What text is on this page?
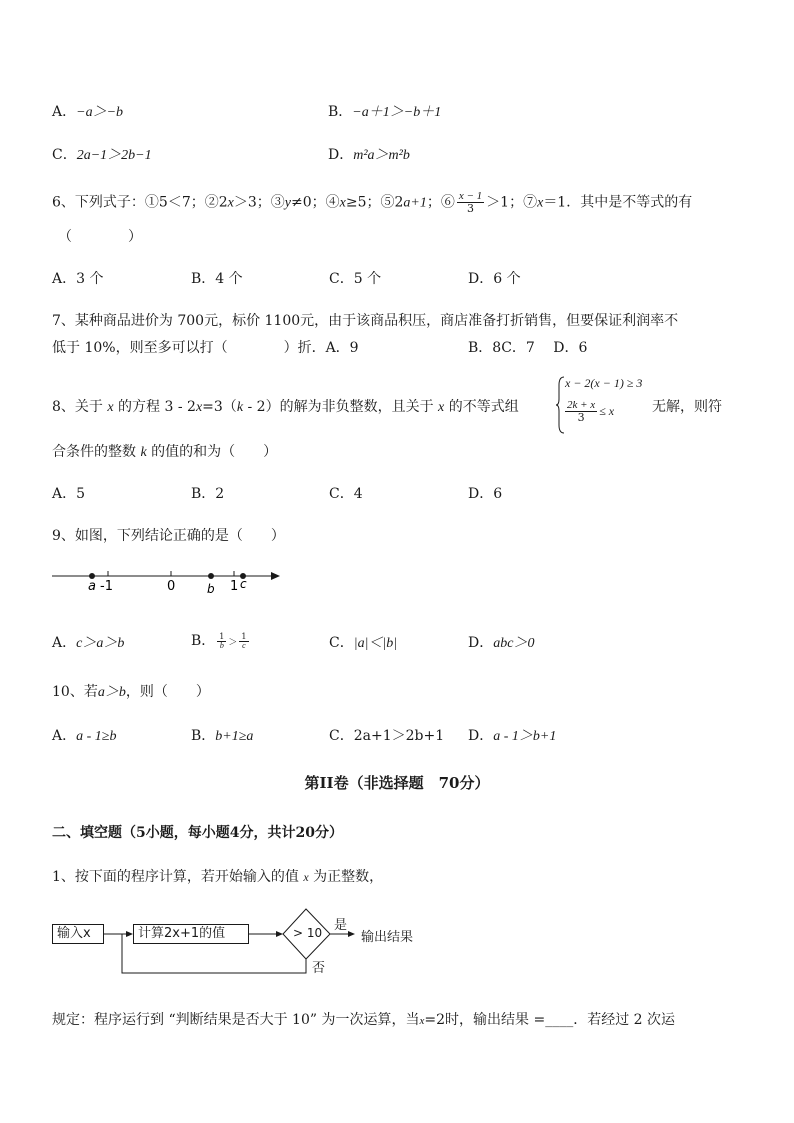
A．−a＞−b	B．−a＋1＞−b＋1
C．2a−1＞2b−1	D．m²a＞m²b
6、下列式子：①5＜7；②2x＞3；③y≠0；④x≥5；⑤2a+1；⑥ $\frac{x - 1}{3} >1$；⑦x＝1．其中是不等式的有
（　　　　）
A．3 个	B．4 个	C．5 个	D．6 个
7、某种商品进价为 700元，标价 1100元，由于该商品积压，商店准备打折销售，但要保证利润率不
低于 10%，则至多可以打（　　　　）折．A．9	B．8C．7　 D．6
8、关于 x 的方程 3 - 2x=3（k - 2）的解为非负整数，且关于 x 的不等式组
x − 2(x − 1) ≥ 3
$\frac{2k + x}{3} \le x$	无解，则符
合条件的整数 k 的值的和为（　　）
A．5	B．2	C．4	D．6
9、如图，下列结论正确的是（　　）
a -1	0	b 1 c
A．c＞a＞b	B． $\frac{1}{b} > \frac{1}{c}$	C．|a|＜|b|	D．abc＞0
10、若a＞b，则（　　）
A．a - 1≥b	B．b+1≥a	C．2a+1＞2b+1 D．a - 1＞b+1
第II卷（非选择题　70分）
二、填空题（5小题，每小题4分，共计20分）
1、按下面的程序计算，若开始输入的值 x 为正整数，
输入x	计算2x+1的值	> 10 是
输出结果
否
规定：程序运行到 “判断结果是否大于 10” 为一次运算，当x=2时，输出结果 =____．若经过 2 次运
